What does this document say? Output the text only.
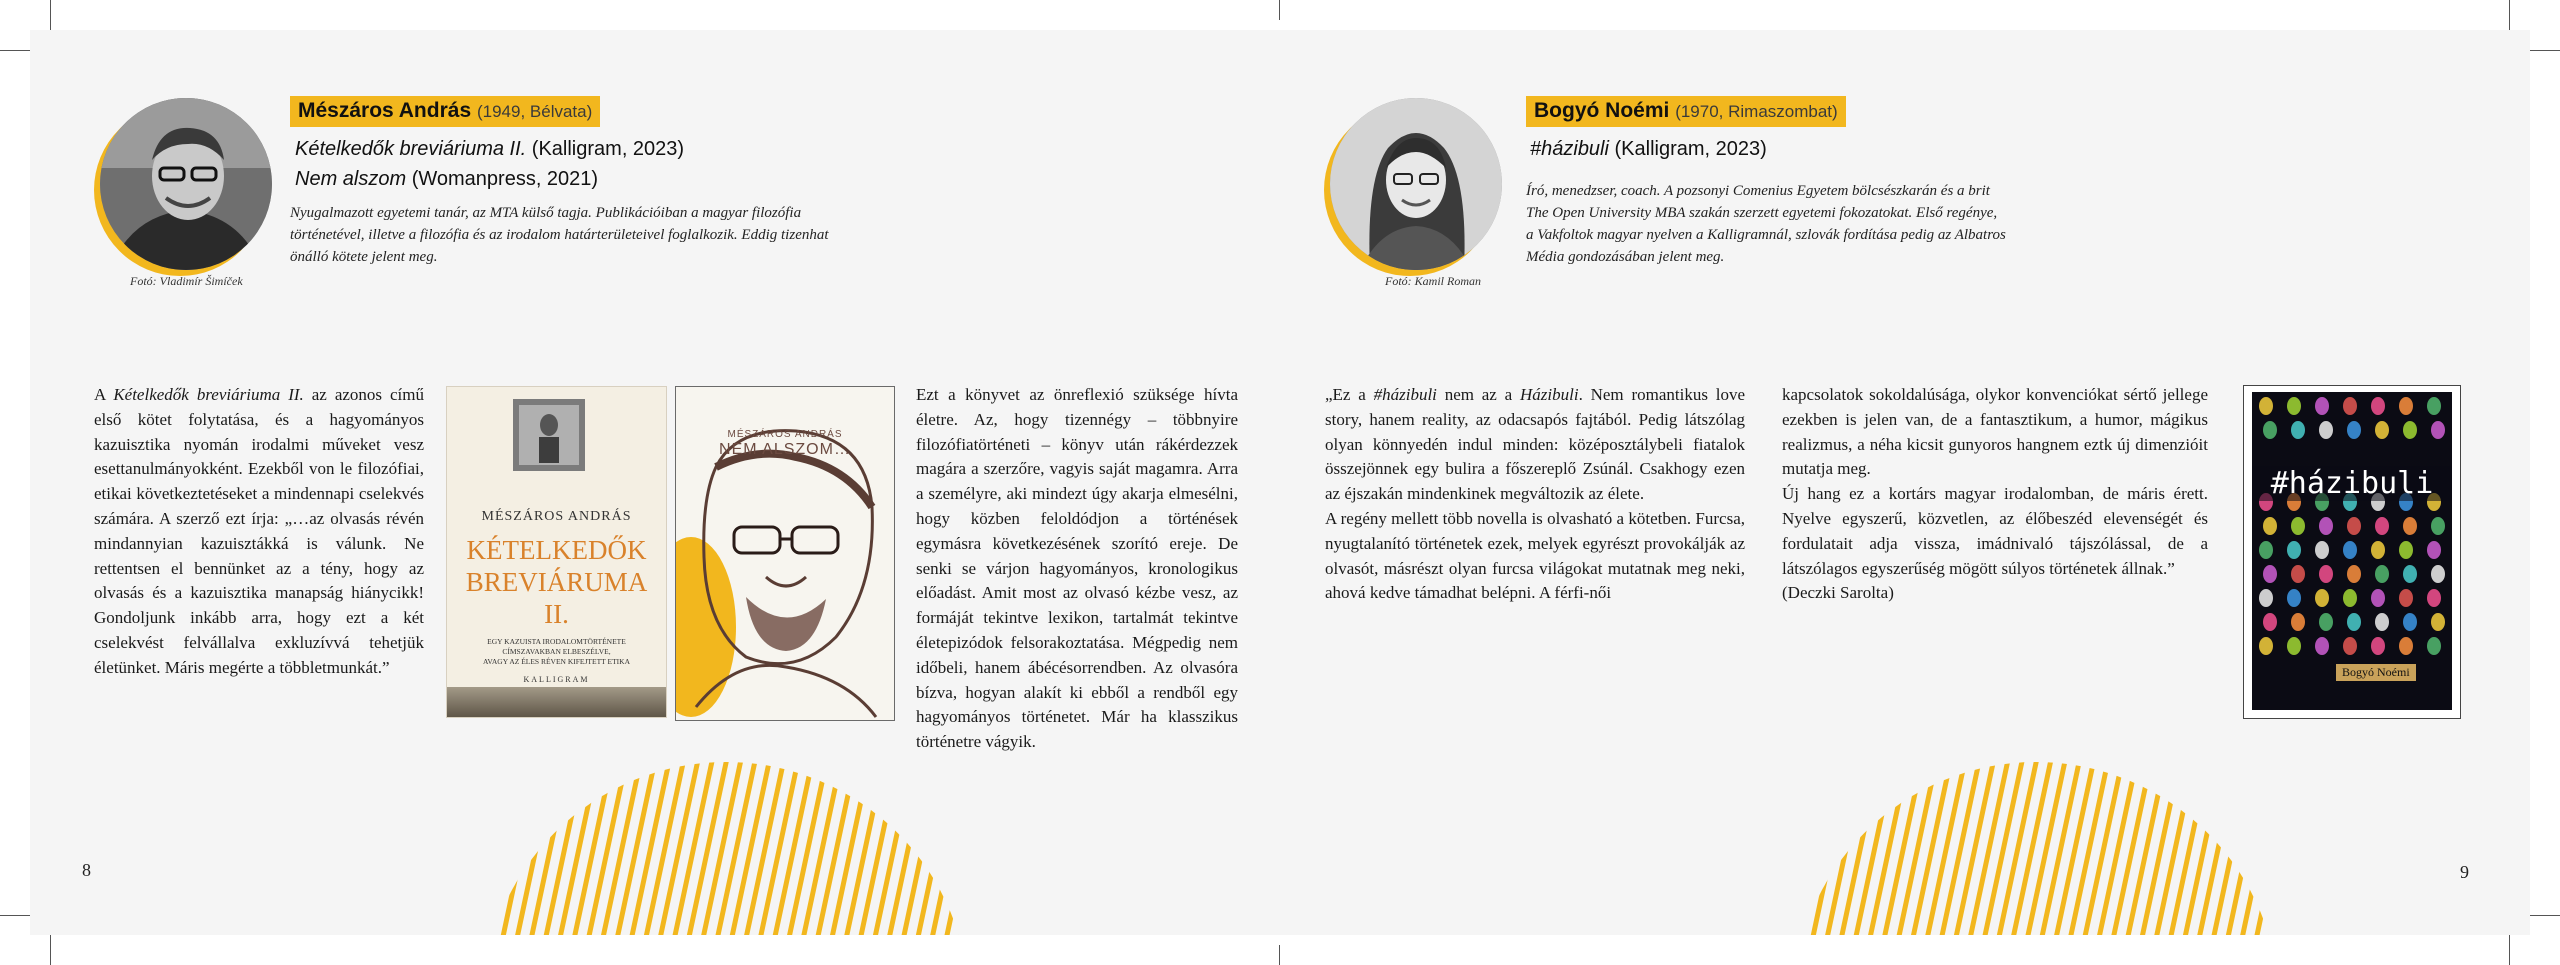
Mészáros András (1949, Bélvata)
Kételkedők breviáriuma II. (Kalligram, 2023)
Nem alszom (Womanpress, 2021)
Nyugalmazott egyetemi tanár, az MTA külső tagja. Publikációiban a magyar filozófia
történetével, illetve a filozófia és az irodalom határterületeivel foglalkozik. Eddig tizenhat
önálló kötete jelent meg.
Fotó: Vladimír Šimíček

A Kételkedők breviáriuma II. az azonos című első kötet folytatása, és a hagyományos kazuisztika nyomán irodalmi műveket vesz esettanulmányokként. Ezekből von le filozófiai, etikai következtetéseket a mindennapi cselekvés számára. A szerző ezt írja: „…az olvasás révén mindannyian kazuisztákká is válunk. Ne rettentsen el bennünket az a tény, hogy az olvasás és a kazuisztika manapság hiánycikk! Gondoljunk inkább arra, hogy ezt a két cselekvést felvállalva exkluzívvá tehetjük életünket. Máris megérte a többletmunkát.”

MÉSZÁROS ANDRÁS
KÉTELKEDŐK
BREVIÁRUMA
II.
EGY KAZUISTA IRODALOMTÖRTÉNETE
CÍMSZAVAKBAN ELBESZÉLVE,
AVAGY AZ ÉLES RÉVEN KIFEJTETT ETIKA
KALLIGRAM
MÉSZÁROS ANDRÁS
NEM ALSZOM…

Ezt a könyvet az önreflexió szüksége hívta életre. Az, hogy tizennégy – többnyire filozófiatörténeti – könyv után rákérdezzek magára a szerzőre, vagyis saját magamra. Arra a személyre, aki mindezt úgy akarja elmesélni, hogy közben feloldódjon a történések egymásra következésének szorító ereje. De senki se várjon hagyományos, kronologikus előadást. Amit most az olvasó kézbe vesz, az formáját tekintve lexikon, tartalmát tekintve életepizódok felsorakoztatása. Mégpedig nem időbeli, hanem ábécésorrendben. Az olvasóra bízva, hogyan alakít ki ebből a rendből egy hagyományos történetet. Már ha klasszikus történetre vágyik.

8
Bogyó Noémi (1970, Rimaszombat)
#házibuli (Kalligram, 2023)
Író, menedzser, coach. A pozsonyi Comenius Egyetem bölcsészkarán és a brit
The Open University MBA szakán szerzett egyetemi fokozatokat. Első regénye,
a Vakfoltok magyar nyelven a Kalligramnál, szlovák fordítása pedig az Albatros
Média gondozásában jelent meg.
Fotó: Kamil Roman

„Ez a #házibuli nem az a Házibuli. Nem romantikus love story, hanem reality, az odacsapós fajtából. Pedig látszólag olyan könnyedén indul minden: középosztálybeli fiatalok összejönnek egy bulira a főszereplő Zsúnál. Csakhogy ezen az éjszakán mindenkinek megváltozik az élete.

A regény mellett több novella is olvasható a kötetben. Furcsa, nyugtalanító történetek ezek, melyek egyrészt provokálják az olvasót, másrészt olyan furcsa világokat mutatnak meg neki, ahová kedve támadhat belépni. A férfi-női

kapcsolatok sokoldalúsága, olykor konvenciókat sértő jellege ezekben is jelen van, de a fantasztikum, a humor, mágikus realizmus, a néha kicsit gunyoros hangnem eztk új dimenzióit mutatja meg.

Új hang ez a kortárs magyar irodalomban, de máris érett. Nyelve egyszerű, közvetlen, az élőbeszéd elevenségét és fordulatait adja vissza, imádnivaló tájszólással, de a látszólagos egyszerűség mögött súlyos történetek állnak.”

(Deczki Sarolta)

#házibuli
Bogyó Noémi
9
